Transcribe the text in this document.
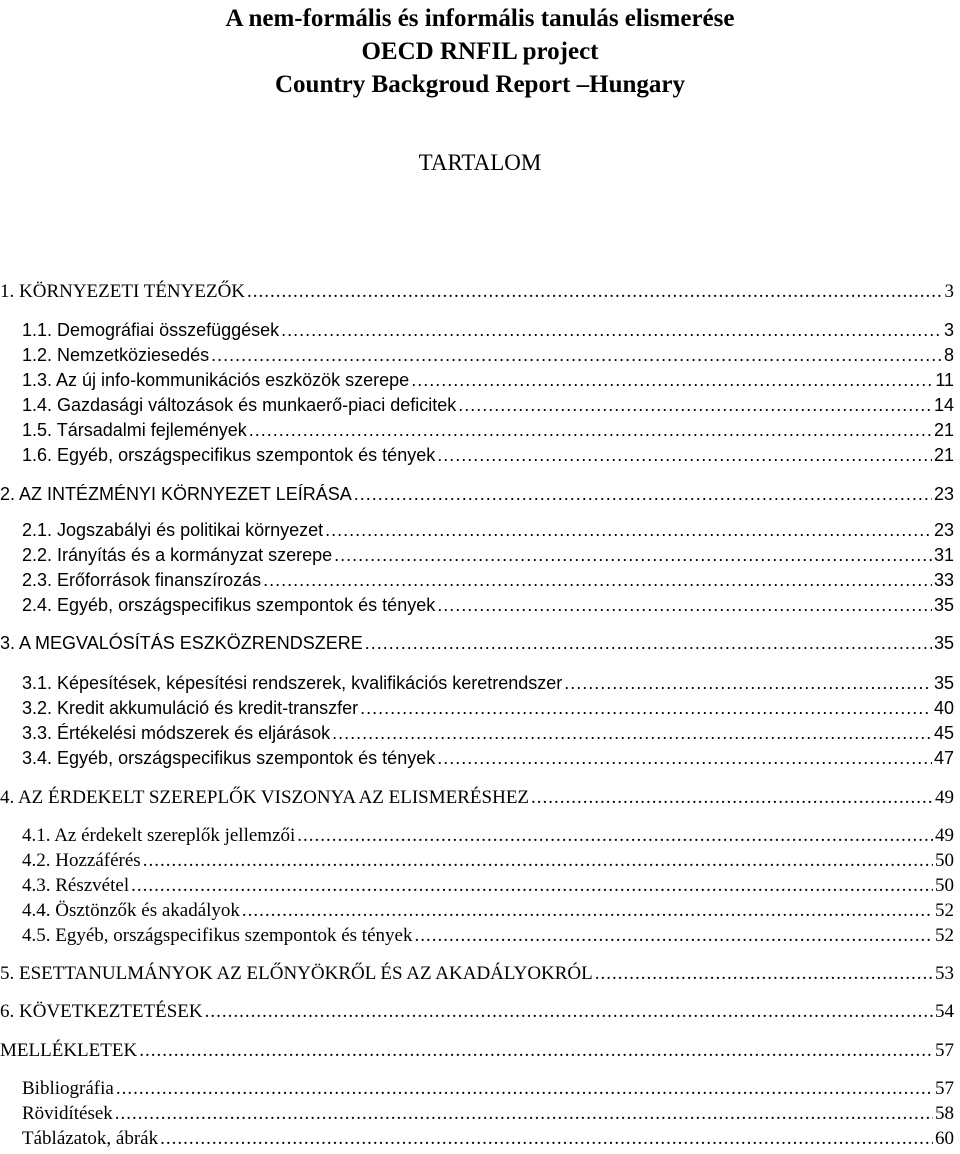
A nem-formális és informális tanulás elismerése
OECD RNFIL project
Country Backgroud Report –Hungary
TARTALOM
1. KÖRNYEZETI TÉNYEZŐK .....	3
1.1. Demográfiai összefüggések .....	3
1.2. Nemzetköziesedés .....	8
1.3. Az új info-kommunikációs eszközök szerepe .....	11
1.4. Gazdasági változások és munkaerő-piaci deficitek .....	14
1.5. Társadalmi fejlemények .....	21
1.6. Egyéb, országspecifikus szempontok és tények .....	21
2. AZ INTÉZMÉNYI KÖRNYEZET LEÍRÁSA .....	23
2.1. Jogszabályi és politikai környezet .....	23
2.2. Irányítás és a kormányzat szerepe .....	31
2.3. Erőforrások finanszírozás .....	33
2.4. Egyéb, országspecifikus szempontok és tények .....	35
3. A MEGVALÓSÍTÁS ESZKÖZRENDSZERE .....	35
3.1. Képesítések, képesítési rendszerek, kvalifikációs keretrendszer .....	35
3.2. Kredit akkumuláció és kredit-transzfer .....	40
3.3. Értékelési módszerek és eljárások .....	45
3.4. Egyéb, országspecifikus szempontok és tények .....	47
4. AZ ÉRDEKELT SZEREPLŐK VISZONYA AZ ELISMERÉSHEZ .....	49
4.1. Az érdekelt szereplők jellemzői .....	49
4.2. Hozzáférés .....	50
4.3. Részvétel .....	50
4.4. Ösztönzők és akadályok .....	52
4.5. Egyéb, országspecifikus szempontok és tények .....	52
5. ESETTANULMÁNYOK AZ ELŐNYÖKRŐL ÉS AZ AKADÁLYOKRÓL .....	53
6. KÖVETKEZTETÉSEK .....	54
MELLÉKLETEK .....	57
Bibliográfia .....	57
Rövidítések .....	58
Táblázatok, ábrák .....	60
